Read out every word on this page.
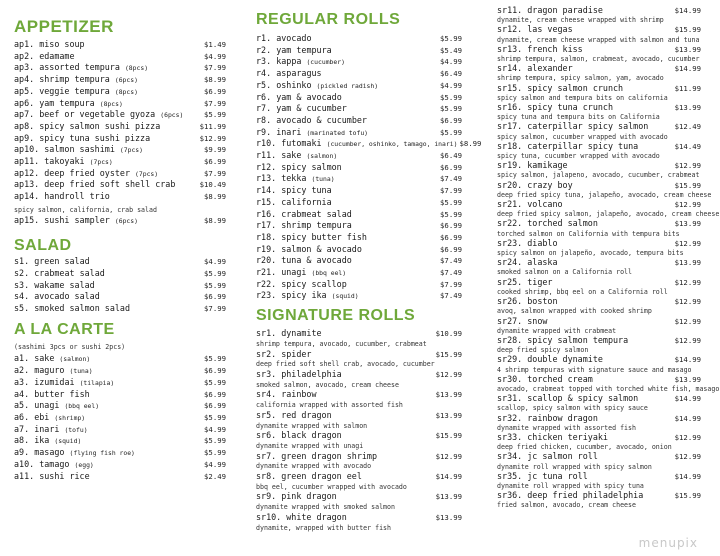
APPETIZER
ap1. miso soup	$1.49
ap2. edamame	$4.99
ap3. assorted tempura (8pcs)	$7.99
ap4. shrimp tempura (6pcs)	$8.99
ap5. veggie tempura (8pcs)	$6.99
ap6. yam tempura (8pcs)	$7.99
ap7. beef or vegetable gyoza (6pcs)	$5.99
ap8. spicy salmon sushi pizza	$11.99
ap9. spicy tuna sushi pizza	$12.99
ap10. salmon sashimi (7pcs)	$9.99
ap11. takoyaki (7pcs)	$6.99
ap12. deep fried oyster (7pcs)	$7.99
ap13. deep fried soft shell crab	$10.49
ap14. handroll trio	$8.99
spicy salmon, california, crab salad
ap15. sushi sampler (6pcs)	$8.99
SALAD
s1. green salad	$4.99
s2. crabmeat salad	$5.99
s3. wakame salad	$5.99
s4. avocado salad	$6.99
s5. smoked salmon salad	$7.99
A LA CARTE
(sashimi 3pcs or sushi 2pcs)
a1. sake (salmon)	$5.99
a2. maguro (tuna)	$6.99
a3. izumidai (tilapia)	$5.99
a4. butter fish	$6.99
a5. unagi (bbq eel)	$6.99
a6. ebi (shrimp)	$5.99
a7. inari (tofu)	$4.99
a8. ika (squid)	$5.99
a9. masago (flying fish roe)	$5.99
a10. tamago (egg)	$4.99
a11. sushi rice	$2.49
REGULAR ROLLS
r1. avocado	$5.99
r2. yam tempura	$5.49
r3. kappa (cucumber)	$4.99
r4. asparagus	$6.49
r5. oshinko (pickled radish)	$4.99
r6. yam & avocado	$5.99
r7. yam & cucumber	$5.99
r8. avocado & cucumber	$6.99
r9. inari (marinated tofu)	$5.99
r10. futomaki (cucumber, oshinko, tamago, inari) $8.99
r11. sake (salmon)	$6.49
r12. spicy salmon	$6.99
r13. tekka (tuna)	$7.49
r14. spicy tuna	$7.99
r15. california	$5.99
r16. crabmeat salad	$5.99
r17. shrimp tempura	$6.99
r18. spicy butter fish	$6.99
r19. salmon & avocado	$6.99
r20. tuna & avocado	$7.49
r21. unagi (bbq eel)	$7.49
r22. spicy scallop	$7.99
r23. spicy ika (squid)	$7.49
SIGNATURE ROLLS
sr1. dynamite	$10.99
shrimp tempura, avocado, cucumber, crabmeat
sr2. spider	$15.99
deep fried soft shell crab, avocado, cucumber
sr3. philadelphia	$12.99
smoked salmon, avocado, cream cheese
sr4. rainbow	$13.99
california wrapped with assorted fish
sr5. red dragon	$13.99
dynamite wrapped with salmon
sr6. black dragon	$15.99
dynamite wrapped with unagi
sr7. green dragon shrimp	$12.99
dynamite wrapped with avocado
sr8. green dragon eel	$14.99
bbq eel, cucumber wrapped with avocado
sr9. pink dragon	$13.99
dynamite wrapped with smoked salmon
sr10. white dragon	$13.99
dynamite, wrapped with butter fish
sr11. dragon paradise	$14.99
dynamite, cream cheese wrapped with shrimp
sr12. las vegas	$15.99
dynamite, cream cheese wrapped with salmon and tuna
sr13. french kiss	$13.99
shrimp tempura, salmon, crabmeat, avocado, cucumber
sr14. alexander	$14.99
shrimp tempura, spicy salmon, yam, avocado
sr15. spicy salmon crunch	$11.99
spicy salmon and tempura bits on california
sr16. spicy tuna crunch	$13.99
spicy tuna and tempura bits on California
sr17. caterpillar spicy salmon	$12.49
spicy salmon, cucumber wrapped with avocado
sr18. caterpillar spicy tuna	$14.49
spicy tuna, cucumber wrapped with avocado
sr19. kamikage	$12.99
spicy salmon, jalapeno, avocado, cucumber, crabmeat
sr20. crazy boy	$15.99
deep fried spicy tuna, jalapeño, avocado, cream cheese
sr21. volcano	$12.99
deep fried spicy salmon, jalapeño, avocado, cream cheese
sr22. torched salmon	$13.99
torched salmon on California with tempura bits
sr23. diablo	$12.99
spicy salmon on jalapeño, avocado, tempura bits
sr24. alaska	$13.99
smoked salmon on a California roll
sr25. tiger	$12.99
cooked shrimp, bbq eel on a California roll
sr26. boston	$12.99
avoq, salmon wrapped with cooked shrimp
sr27. snow	$12.99
dynamite wrapped with crabmeat
sr28. spicy salmon tempura	$12.99
deep fried spicy salmon
sr29. double dynamite	$14.99
4 shrimp tempuras with signature sauce and masago
sr30. torched cream	$13.99
avocado, crabmeat topped with torched white fish, masago
sr31. scallop & spicy salmon	$14.99
scallop, spicy salmon with spicy sauce
sr32. rainbow dragon	$14.99
dynamite wrapped with assorted fish
sr33. chicken teriyaki	$12.99
deep fried chicken, cucumber, avocado, onion
sr34. jc salmon roll	$12.99
dynamite roll wrapped with spicy salmon
sr35. jc tuna roll	$14.99
dynamite roll wrapped with spicy tuna
sr36. deep fried philadelphia	$15.99
fried salmon, avocado, cream cheese
menupix
